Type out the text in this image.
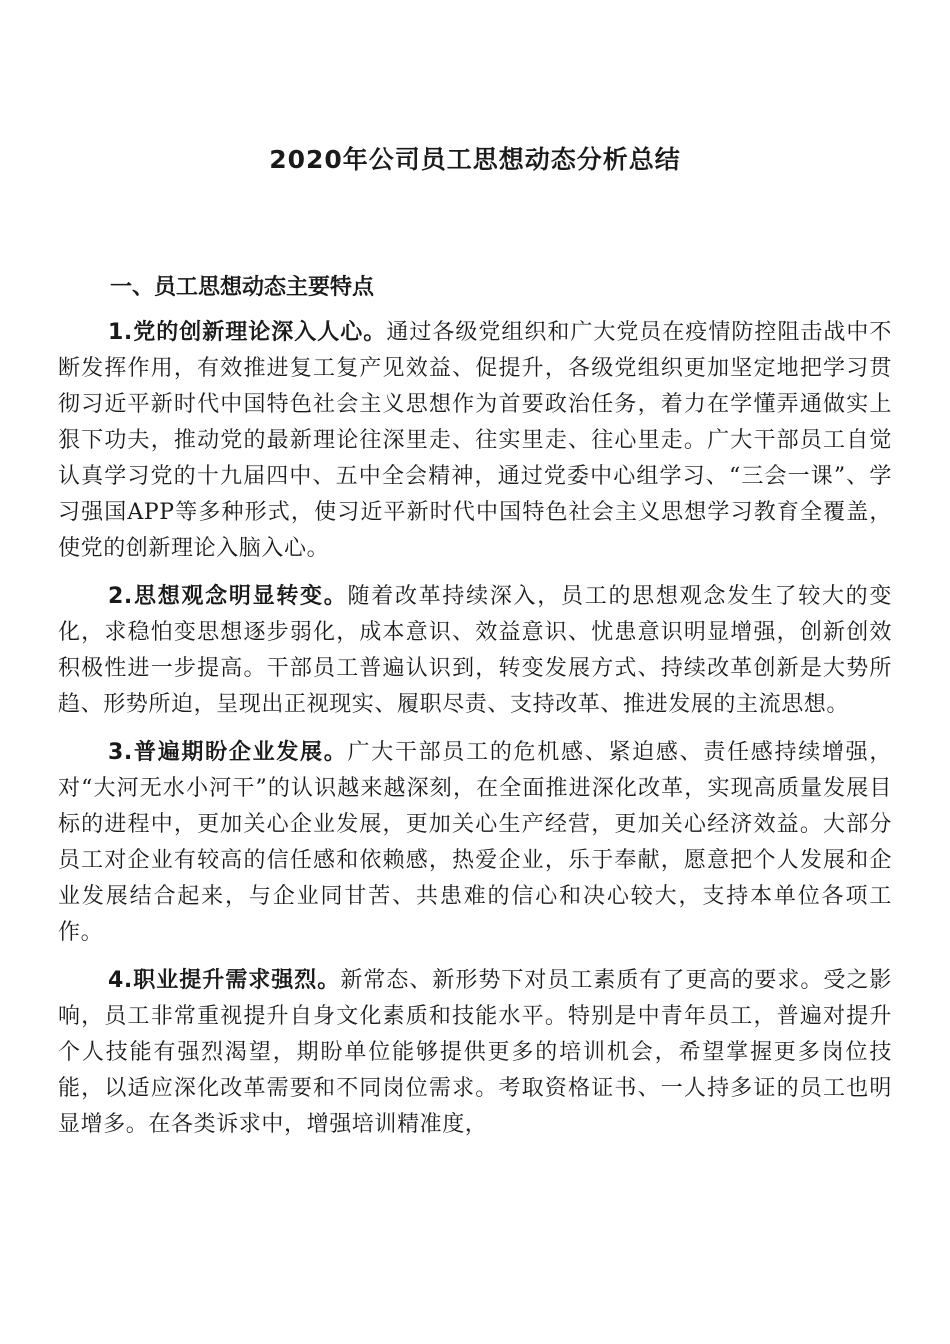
2020年公司员工思想动态分析总结
一、员工思想动态主要特点

1.党的创新理论深入人心。通过各级党组织和广大党员在疫情防控阻击战中不断发挥作用，有效推进复工复产见效益、促提升，各级党组织更加坚定地把学习贯彻习近平新时代中国特色社会主义思想作为首要政治任务，着力在学懂弄通做实上狠下功夫，推动党的最新理论往深里走、往实里走、往心里走。广大干部员工自觉认真学习党的十九届四中、五中全会精神，通过党委中心组学习、“三会一课”、学习强国APP等多种形式，使习近平新时代中国特色社会主义思想学习教育全覆盖，使党的创新理论入脑入心。

2.思想观念明显转变。随着改革持续深入，员工的思想观念发生了较大的变化，求稳怕变思想逐步弱化，成本意识、效益意识、忧患意识明显增强，创新创效积极性进一步提高。干部员工普遍认识到，转变发展方式、持续改革创新是大势所趋、形势所迫，呈现出正视现实、履职尽责、支持改革、推进发展的主流思想。

3.普遍期盼企业发展。广大干部员工的危机感、紧迫感、责任感持续增强，对“大河无水小河干”的认识越来越深刻，在全面推进深化改革，实现高质量发展目标的进程中，更加关心企业发展，更加关心生产经营，更加关心经济效益。大部分员工对企业有较高的信任感和依赖感，热爱企业，乐于奉献，愿意把个人发展和企业发展结合起来，与企业同甘苦、共患难的信心和决心较大，支持本单位各项工作。

4.职业提升需求强烈。新常态、新形势下对员工素质有了更高的要求。受之影响，员工非常重视提升自身文化素质和技能水平。特别是中青年员工，普遍对提升个人技能有强烈渴望，期盼单位能够提供更多的培训机会，希望掌握更多岗位技能，以适应深化改革需要和不同岗位需求。考取资格证书、一人持多证的员工也明显增多。在各类诉求中，增强培训精准度，
